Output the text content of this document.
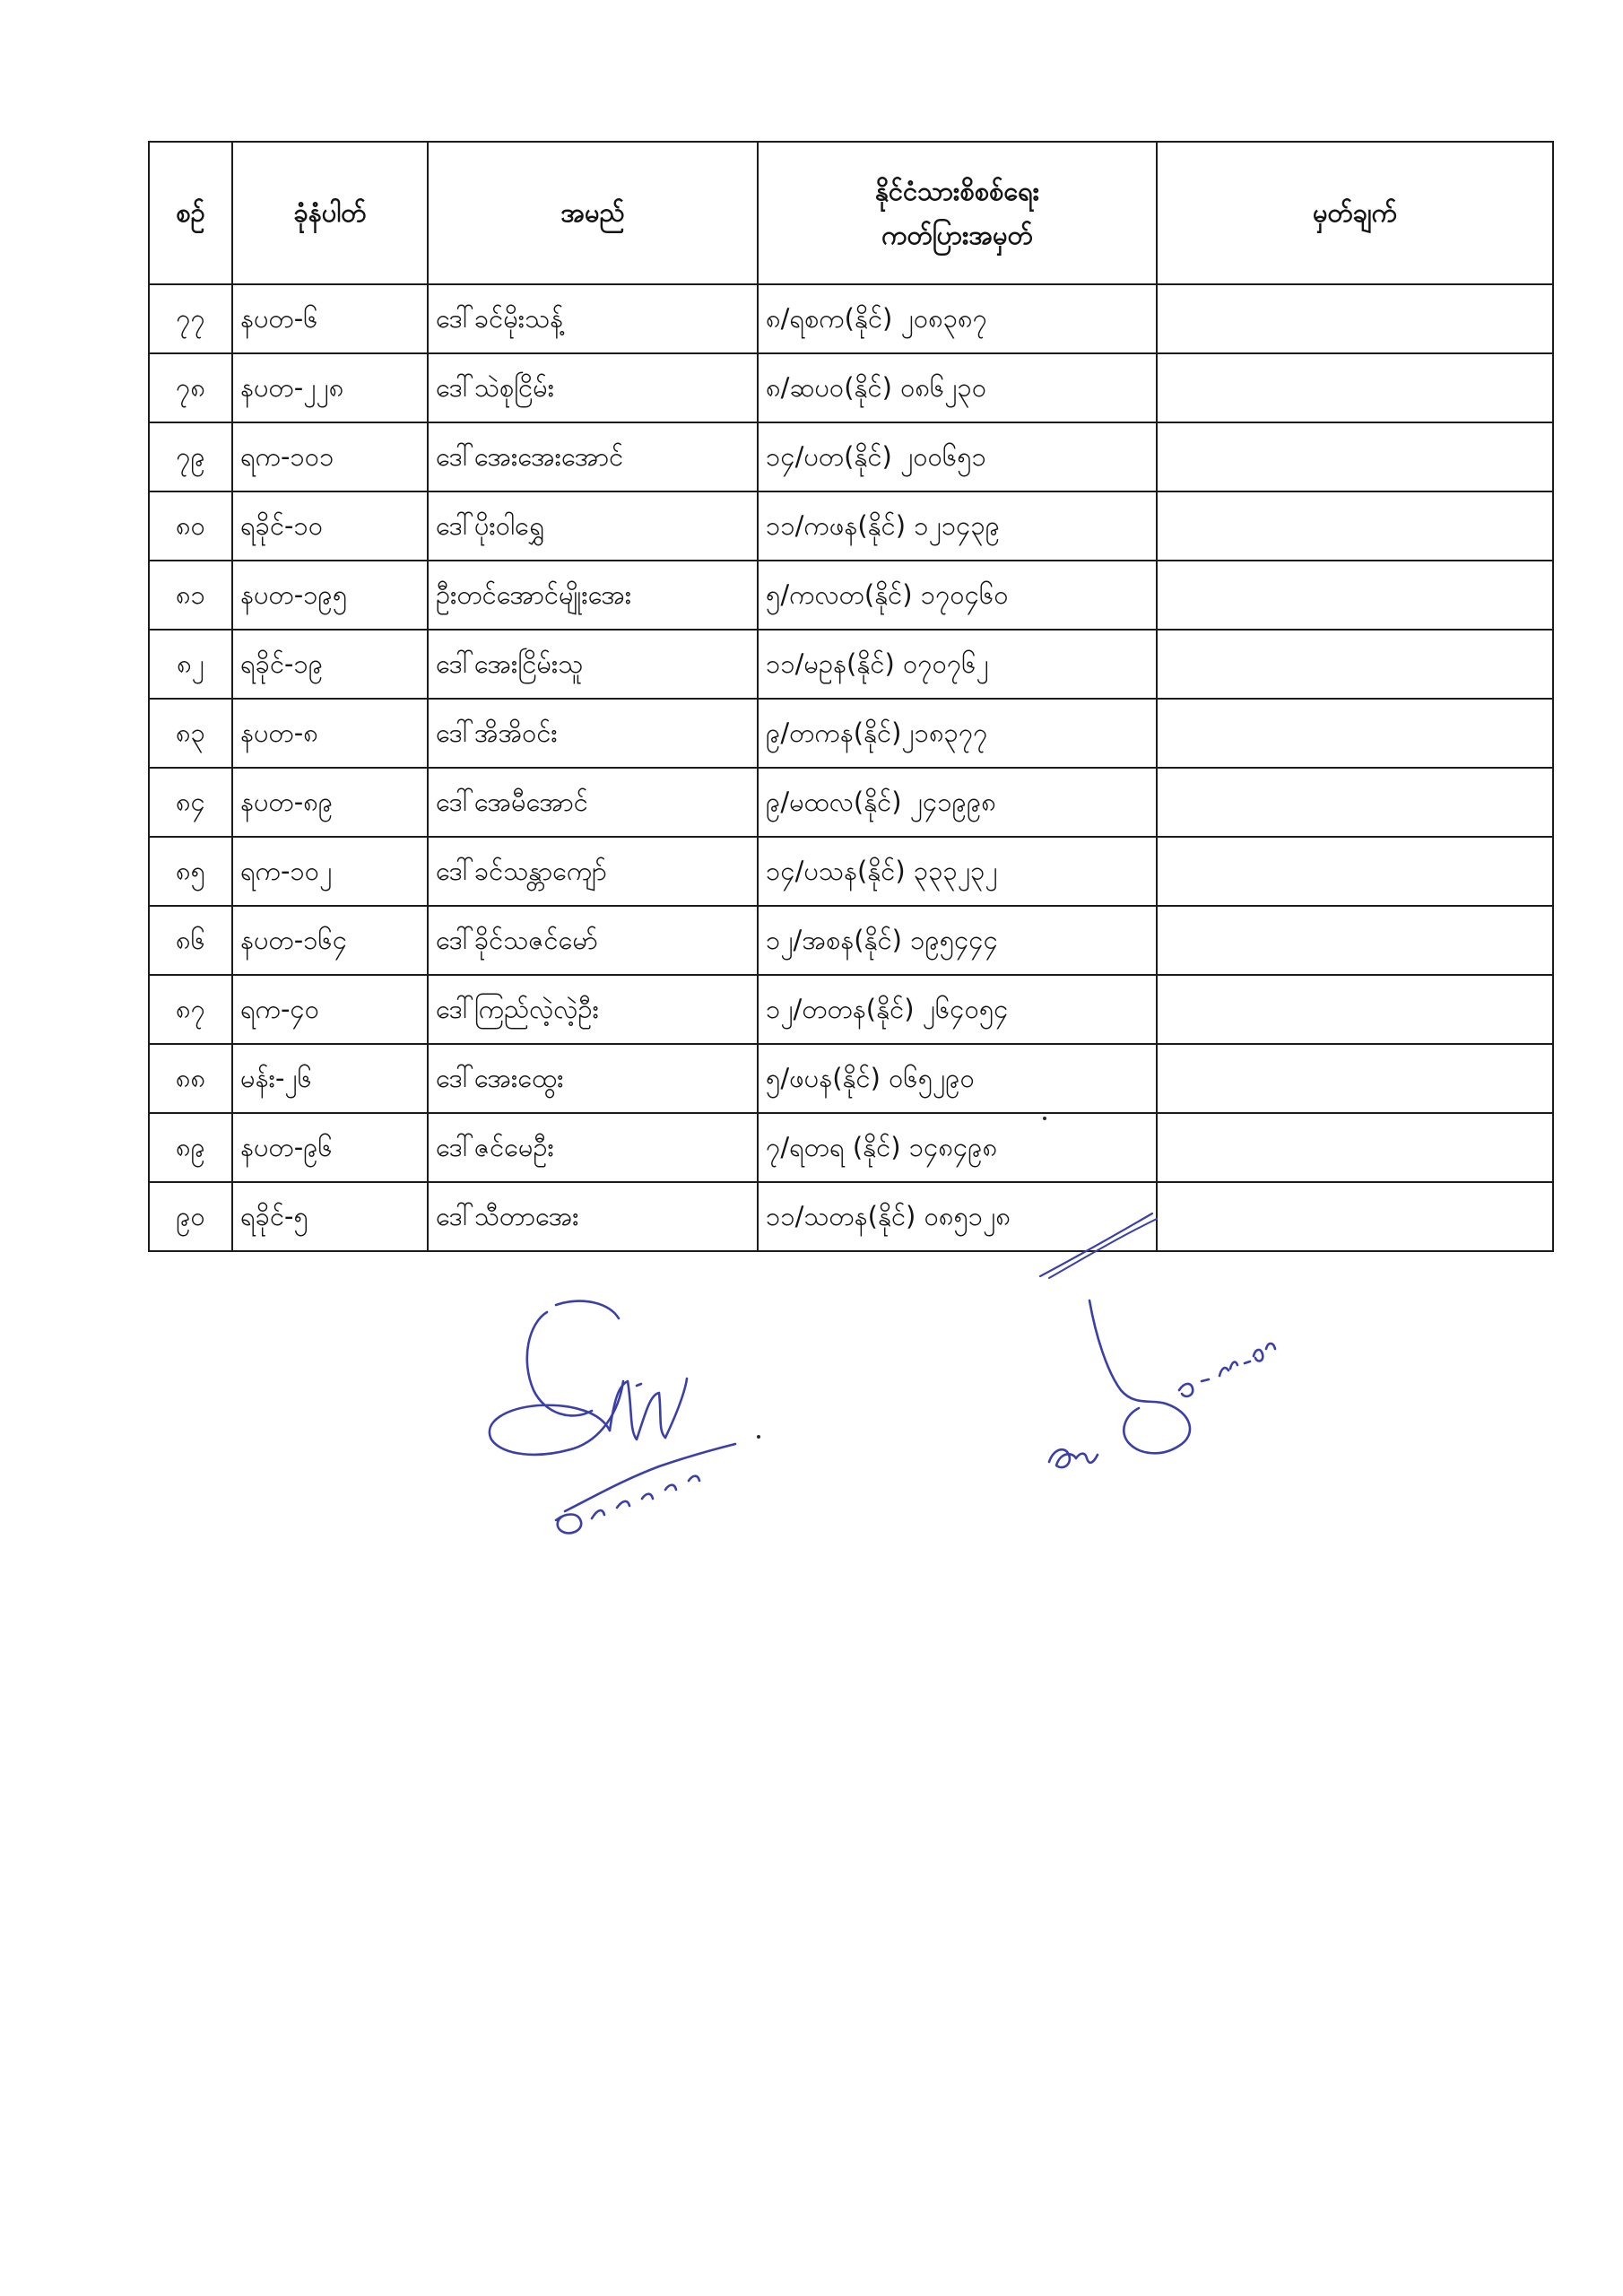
စဉ်	ခုံနံပါတ်	အမည်	နိုင်ငံသားစိစစ်ရေး
ကတ်ပြားအမှတ်	မှတ်ချက်
၇၇	နပတ-၆	ဒေါ်ခင်မိုးသန့်	၈/ရစက(နိုင်) ၂၀၈၃၈၇	
၇၈	နပတ-၂၂၈	ဒေါ်သဲစုငြိမ်း	၈/ဆပဝ(နိုင်) ၀၈၆၂၃၀	
၇၉	ရက-၁၀၁	ဒေါ်အေးအေးအောင်	၁၄/ပတ(နိုင်) ၂၀၀၆၅၁	
၈၀	ရခိုင်-၁၀	ဒေါ်ပိုးဝါရွှေ	၁၁/ကဖန(နိုင်) ၁၂၁၄၃၉	
၈၁	နပတ-၁၉၅	ဦးတင်အောင်မျိုးအေး	၅/ကလတ(နိုင်) ၁၇၀၄၆၀	
၈၂	ရခိုင်-၁၉	ဒေါ်အေးငြိမ်းသူ	၁၁/မဥန(နိုင်) ၀၇၀၇၆၂	
၈၃	နပတ-၈	ဒေါ်အိအိဝင်း	၉/တကန(နိုင်)၂၁၈၃၇၇	
၈၄	နပတ-၈၉	ဒေါ်အေမီအောင်	၉/မထလ(နိုင်) ၂၄၁၉၉၈	
၈၅	ရက-၁၀၂	ဒေါ်ခင်သန္တာကျော်	၁၄/ပသန(နိုင်) ၃၃၃၂၃၂	
၈၆	နပတ-၁၆၄	ဒေါ်ခိုင်သဇင်မော်	၁၂/အစန(နိုင်) ၁၉၅၄၄၄	
၈၇	ရက-၄၀	ဒေါ်ကြည်လဲ့လဲ့ဦး	၁၂/တတန(နိုင်) ၂၆၄၀၅၄	
၈၈	မန်း-၂၆	ဒေါ်အေးထွေး	၅/ဖပန(နိုင်) ၀၆၅၂၉၀	
၈၉	နပတ-၉၆	ဒေါ်ဇင်မေဦး	၇/ရတရ (နိုင်) ၁၄၈၄၉၈	
၉၀	ရခိုင်-၅	ဒေါ်သီတာအေး	၁၁/သတန(နိုင်) ၀၈၅၁၂၈	
